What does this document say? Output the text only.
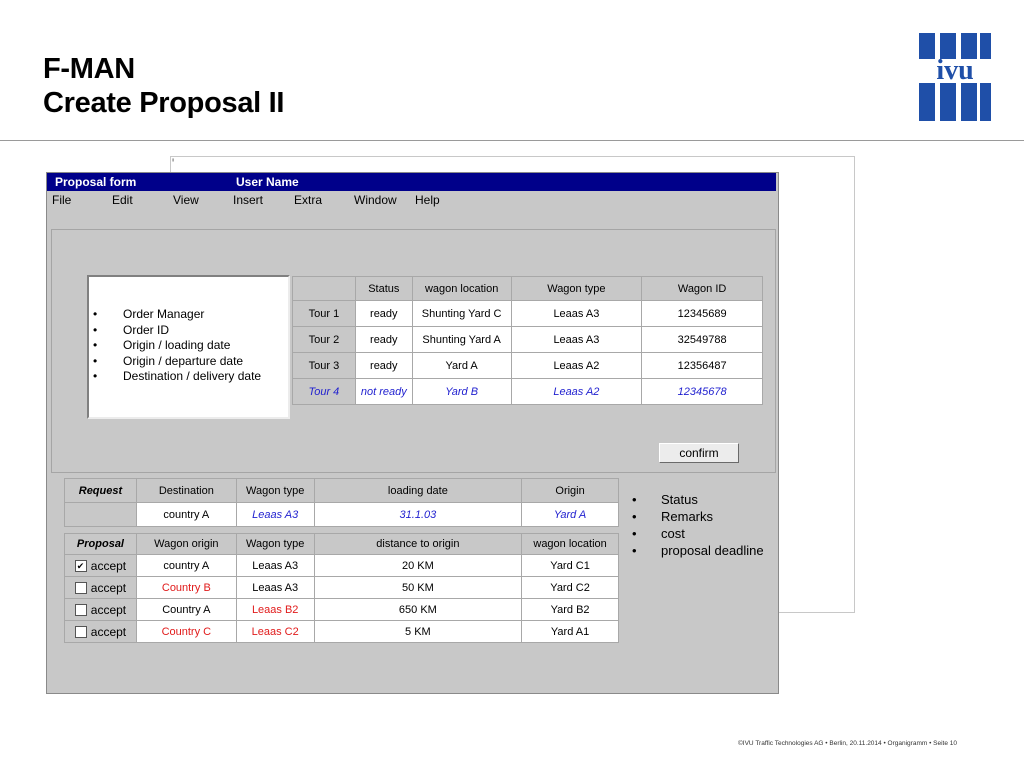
F-MAN
Create Proposal II
ivu
▮
Proposal form	User Name
File	Edit	View	Insert	Extra	Window Help
• Order Manager
• Order ID
• Origin / loading date
• Origin / departure date
• Destination / delivery date
	Status	wagon location	Wagon type	Wagon ID
Tour 1	ready	Shunting Yard C	Leaas A3	12345689
Tour 2	ready	Shunting Yard A	Leaas A3	32549788
Tour 3	ready	Yard A	Leaas A2	12356487
Tour 4	not ready	Yard B	Leaas A2	12345678
confirm
Request	Destination	Wagon type	loading date	Origin
	country A	Leaas A3	31.1.03	Yard A
Proposal	Wagon origin	Wagon type	distance to origin	wagon location

✔
accept	country A	Leaas A3	20 KM	Yard C1

accept	Country B	Leaas A3	50 KM	Yard C2

accept	Country A	Leaas B2	650 KM	Yard B2

accept	Country C	Leaas C2	5 KM	Yard A1
• Status
• Remarks
• cost
• proposal deadline
©IVU Traffic Technologies AG • Berlin, 20.11.2014 • Organigramm • Seite 10
